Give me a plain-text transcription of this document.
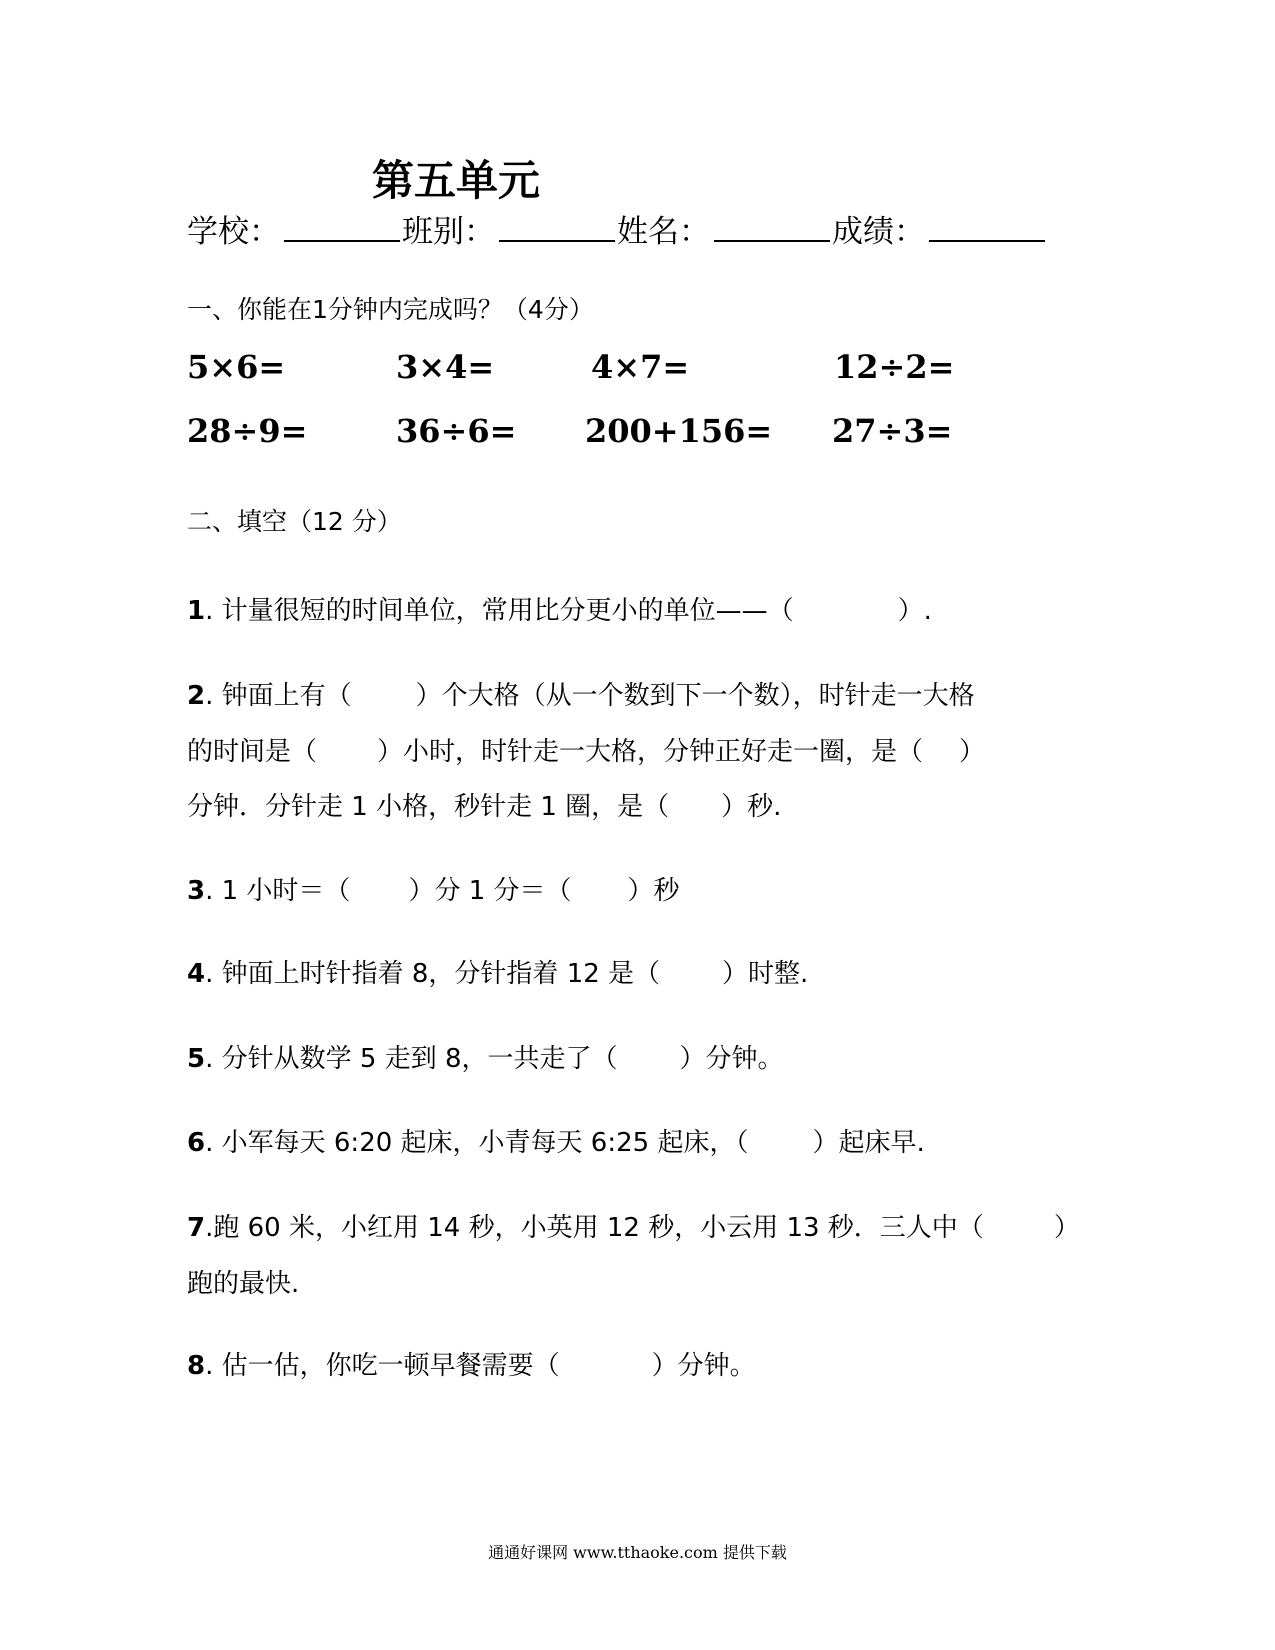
第五单元
学校：	班别：	姓名：	成绩：
一、你能在1分钟内完成吗？（4分）
5×6=	3×4=	4×7=	12÷2=
28÷9=	36÷6= 200+156= 27÷3=
二、填空（12 分）
1. 计量很短的时间单位，常用比分更小的单位——（	）.
2. 钟面上有（ ）个大格（从一个数到下一个数），时针走一大格
的时间是（ ）小时，时针走一大格，分钟正好走一圈，是（ ）
分钟．分针走 1 小格，秒针走 1 圈，是（ ）秒.
3. 1 小时＝（ ）分 1 分＝（ ）秒
4. 钟面上时针指着 8，分针指着 12 是（ ）时整.
5. 分针从数学 5 走到 8，一共走了（ ）分钟。
6. 小军每天 6:20 起床，小青每天 6:25 起床，（ ）起床早.
7.跑 60 米，小红用 14 秒，小英用 12 秒，小云用 13 秒．三人中（	）
跑的最快.
8. 估一估，你吃一顿早餐需要（	）分钟。
通通好课网 www.tthaoke.com 提供下载
